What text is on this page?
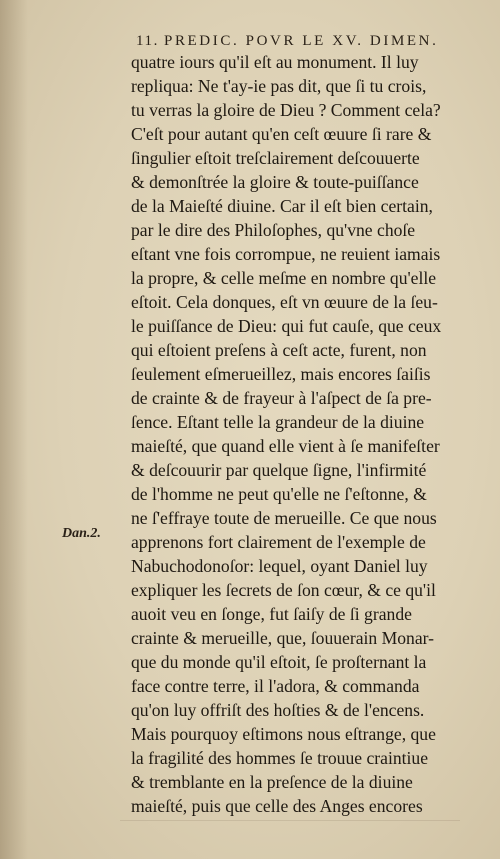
11. PREDIC. POVR LE XV. DIMEN.
Dan.2.
quatre iours qu'il eſt au monument. Il luy
repliqua: Ne t'ay-ie pas dit, que ſi tu crois,
tu verras la gloire de Dieu ? Comment cela?
C'eſt pour autant qu'en ceſt œuure ſi rare &
ſingulier eſtoit treſclairement deſcouuerte
& demonſtrée la gloire & toute-puiſſance
de la Maieſté diuine. Car il eſt bien certain,
par le dire des Philoſophes, qu'vne choſe
eſtant vne fois corrompue, ne reuient iamais
la propre, & celle meſme en nombre qu'elle
eſtoit. Cela donques, eſt vn œuure de la ſeu-
le puiſſance de Dieu: qui fut cauſe, que ceux
qui eſtoient preſens à ceſt acte, furent, non
ſeulement eſmerueillez, mais encores ſaiſis
de crainte & de frayeur à l'aſpect de ſa pre-
ſence. Eſtant telle la grandeur de la diuine
maieſté, que quand elle vient à ſe manifeſter
& deſcouurir par quelque ſigne, l'infirmité
de l'homme ne peut qu'elle ne ſ'eſtonne, &
ne ſ'effraye toute de merueille. Ce que nous
apprenons fort clairement de l'exemple de
Nabuchodonoſor: lequel, oyant Daniel luy
expliquer les ſecrets de ſon cœur, & ce qu'il
auoit veu en ſonge, fut ſaiſy de ſi grande
crainte & merueille, que, ſouuerain Monar-
que du monde qu'il eſtoit, ſe proſternant la
face contre terre, il l'adora, & commanda
qu'on luy offriſt des hoſties & de l'encens.
Mais pourquoy eſtimons nous eſtrange, que
la fragilité des hommes ſe trouue craintiue
& tremblante en la preſence de la diuine
maieſté, puis que celle des Anges encores
